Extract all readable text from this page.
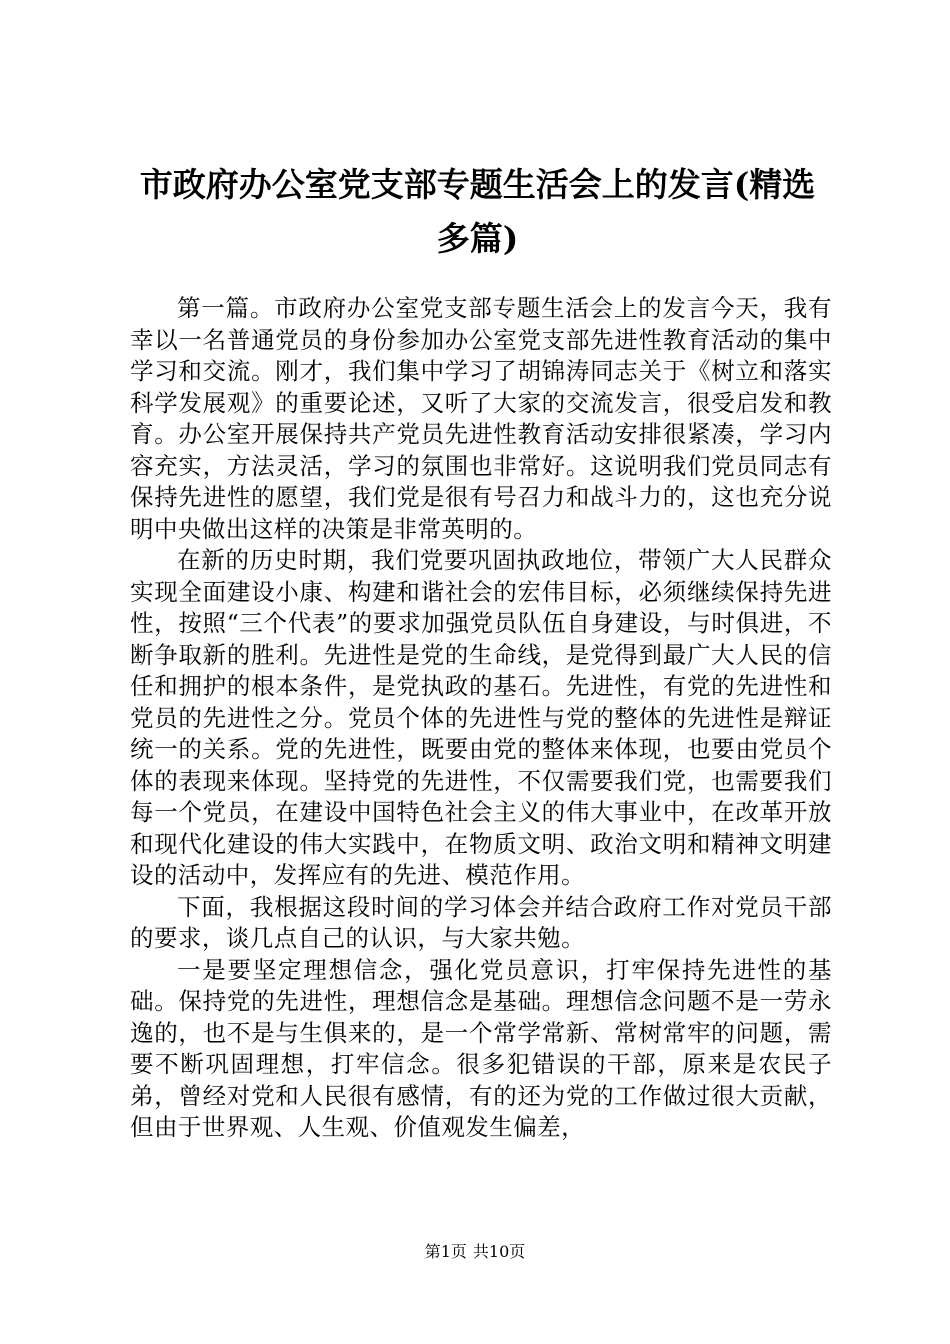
市政府办公室党支部专题生活会上的发言(精选多篇)

第一篇。市政府办公室党支部专题生活会上的发言今天，我有幸以一名普通党员的身份参加办公室党支部先进性教育活动的集中学习和交流。刚才，我们集中学习了胡锦涛同志关于《树立和落实科学发展观》的重要论述，又听了大家的交流发言，很受启发和教育。办公室开展保持共产党员先进性教育活动安排很紧凑，学习内容充实，方法灵活，学习的氛围也非常好。这说明我们党员同志有保持先进性的愿望，我们党是很有号召力和战斗力的，这也充分说明中央做出这样的决策是非常英明的。

在新的历史时期，我们党要巩固执政地位，带领广大人民群众实现全面建设小康、构建和谐社会的宏伟目标，必须继续保持先进性，按照“三个代表”的要求加强党员队伍自身建设，与时俱进，不断争取新的胜利。先进性是党的生命线，是党得到最广大人民的信任和拥护的根本条件，是党执政的基石。先进性，有党的先进性和党员的先进性之分。党员个体的先进性与党的整体的先进性是辩证统一的关系。党的先进性，既要由党的整体来体现，也要由党员个体的表现来体现。坚持党的先进性，不仅需要我们党，也需要我们每一个党员，在建设中国特色社会主义的伟大事业中，在改革开放和现代化建设的伟大实践中，在物质文明、政治文明和精神文明建设的活动中，发挥应有的先进、模范作用。

下面，我根据这段时间的学习体会并结合政府工作对党员干部的要求，谈几点自己的认识，与大家共勉。

一是要坚定理想信念，强化党员意识，打牢保持先进性的基础。保持党的先进性，理想信念是基础。理想信念问题不是一劳永逸的，也不是与生俱来的，是一个常学常新、常树常牢的问题，需要不断巩固理想，打牢信念。很多犯错误的干部，原来是农民子弟，曾经对党和人民很有感情，有的还为党的工作做过很大贡献，但由于世界观、人生观、价值观发生偏差，

第1页 共10页
